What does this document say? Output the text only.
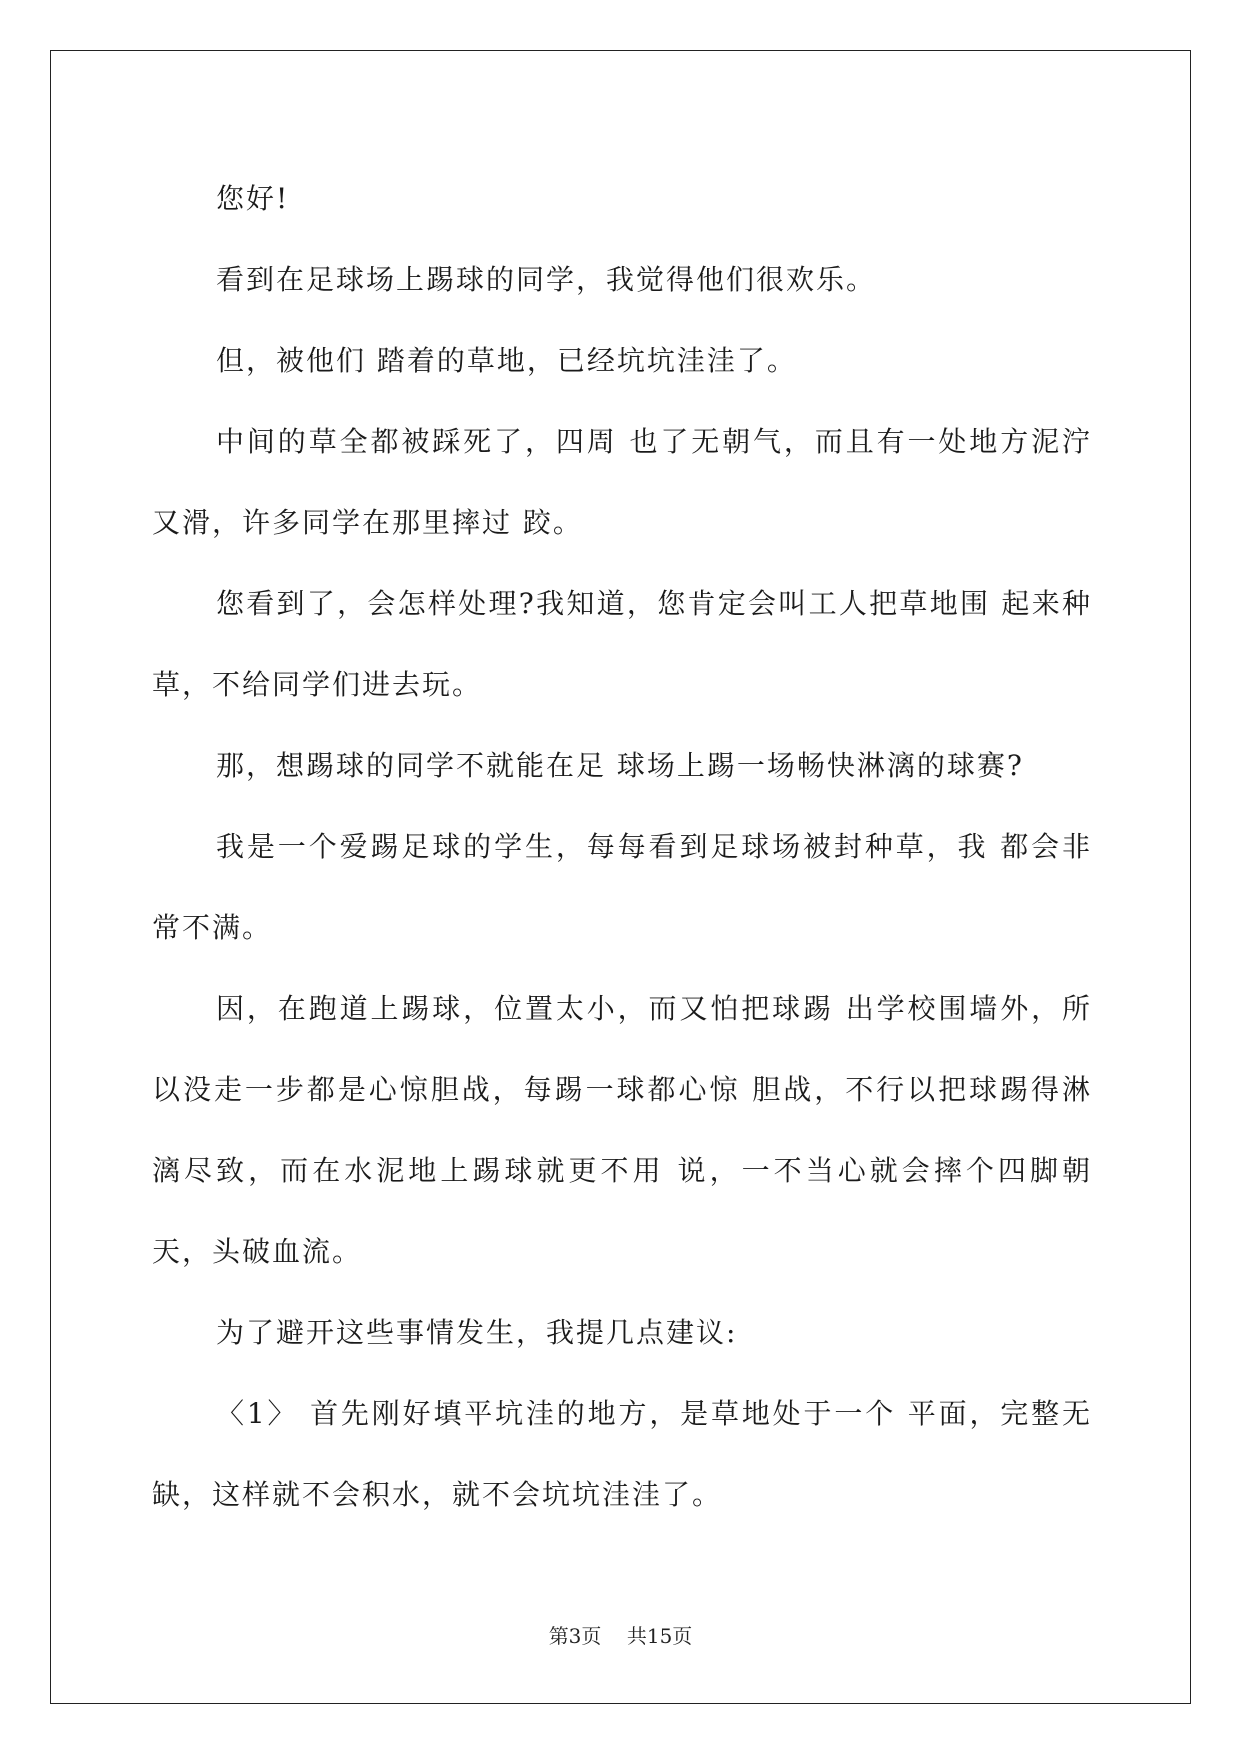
您好!

看到在足球场上踢球的同学，我觉得他们很欢乐。

但，被他们 踏着的草地，已经坑坑洼洼了。

中间的草全都被踩死了，四周 也了无朝气，而且有一处地方泥泞又滑，许多同学在那里摔过 跤。

您看到了，会怎样处理?我知道，您肯定会叫工人把草地围 起来种草，不给同学们进去玩。

那，想踢球的同学不就能在足 球场上踢一场畅快淋漓的球赛?

我是一个爱踢足球的学生，每每看到足球场被封种草，我 都会非常不满。

因，在跑道上踢球，位置太小，而又怕把球踢 出学校围墙外，所以没走一步都是心惊胆战，每踢一球都心惊 胆战，不行以把球踢得淋漓尽致，而在水泥地上踢球就更不用 说，一不当心就会摔个四脚朝天，头破血流。

为了避开这些事情发生，我提几点建议:

〈1〉 首先刚好填平坑洼的地方，是草地处于一个 平面，完整无缺，这样就不会积水，就不会坑坑洼洼了。

第3页    共15页
